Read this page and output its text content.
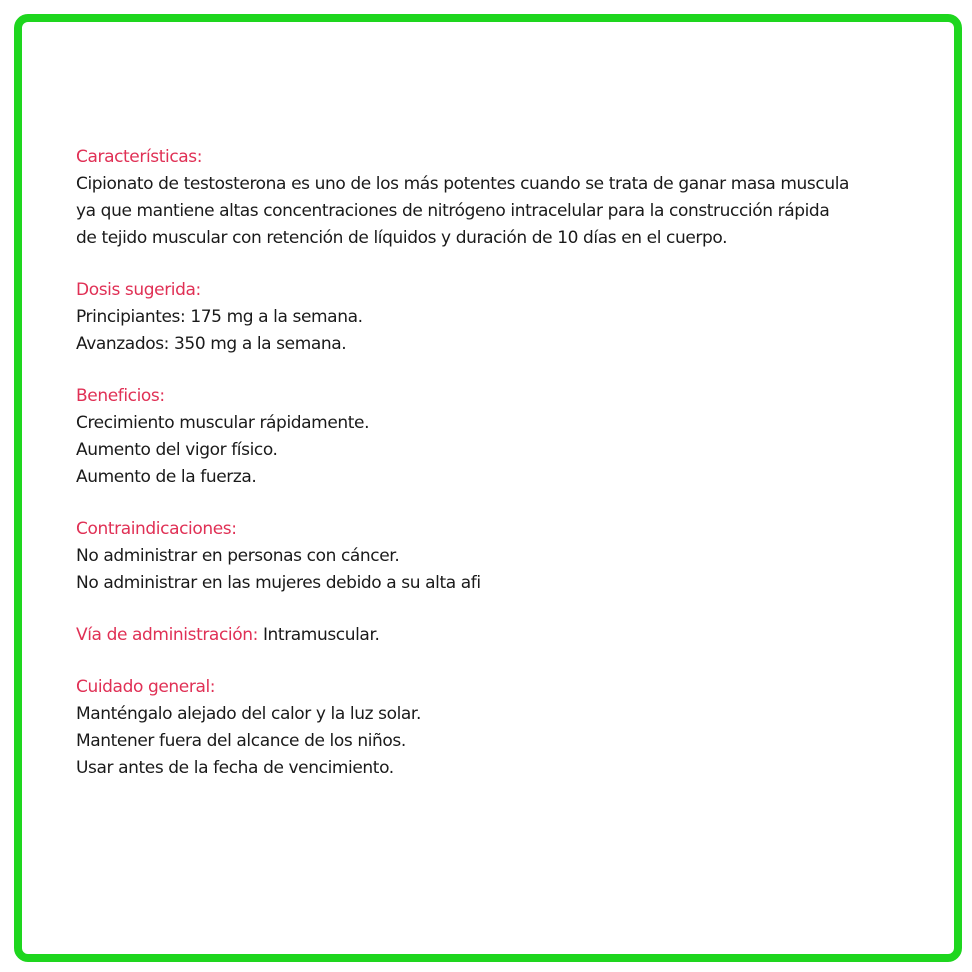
Características:
Cipionato de testosterona es uno de los más potentes cuando se trata de ganar masa muscula
ya que mantiene altas concentraciones de nitrógeno intracelular para la construcción rápida
de tejido muscular con retención de líquidos y duración de 10 días en el cuerpo.
Dosis sugerida:
Principiantes: 175 mg a la semana.
Avanzados: 350 mg a la semana.
Beneficios:
Crecimiento muscular rápidamente.
Aumento del vigor físico.
Aumento de la fuerza.
Contraindicaciones:
No administrar en personas con cáncer.
No administrar en las mujeres debido a su alta afi
Vía de administración: Intramuscular.
Cuidado general:
Manténgalo alejado del calor y la luz solar.
Mantener fuera del alcance de los niños.
Usar antes de la fecha de vencimiento.
